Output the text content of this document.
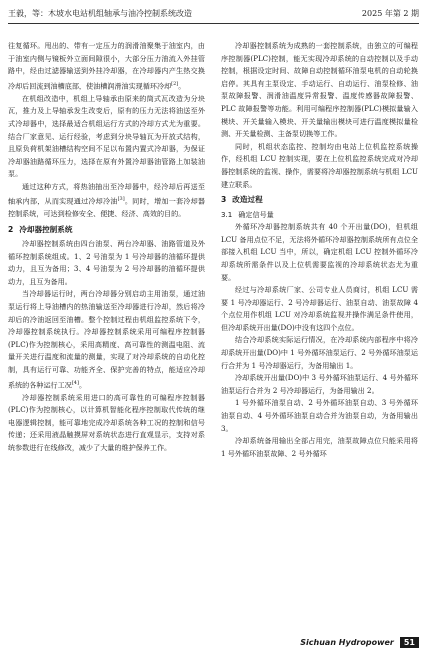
王毅，等：木坡水电站机组轴承与油冷控制系统改造	2025 年第 2 期

往复循环。甩出的、带有一定压力的润滑油聚集于油室内，由于油室内侧与镜板外立面间隙很小，大部分压力油流入外挂管路中，经由过滤器输送到外挂冷却器，在冷却器内产生热交换冷却后回流到油槽底部，使油槽润滑油实现循环冷却[2]。

在机组改造中，机组上导轴承由原来的筒式瓦改造为分块瓦，推力及上导轴承发生改变后，原有的压力无法将油送至外式冷却器中，选择最适合机组运行方式的冷却方式尤为重要。结合厂家意见、运行经验，考虑到分块导轴瓦为开放式结构，且原负荷机架油槽结构空间不足以布置内置式冷却器，为保证冷却器油路循环压力，选择在原有外置冷却器油管路上加装油泵。

通过这种方式，将热油抽出至冷却器中，经冷却后再送至轴承内部，从而实现通过冷却冷油[3]。同时，增加一套冷却器控制系统，可达到检修安全、便捷、经济、高效的目的。

2 冷却器控制系统

冷却器控制系统由四台油泵、两台冷却器、油路管道及外循环控制系统组成。1、2 号油泵为 1 号冷却器的油循环提供动力，且互为备用；3、4 号油泵为 2 号冷却器的油循环提供动力，且互为备用。

当冷却器运行时，两台冷却器分别启动主用油泵，通过油泵运行将上导油槽内的热油输送至冷却器进行冷却，然后将冷却后的冷油返回至油槽。整个控制过程由机组监控系统下令，冷却器控制系统执行。冷却器控制系统采用可编程序控制器(PLC)作为控制核心，采用高精度、高可靠性的测温电阻、流量开关进行温度和流量的测量，实现了对冷却系统的自动化控制，具有运行可靠、功能齐全、保护完善的特点，能适应冷却系统的各种运行工况[4]。

冷却器控制系统采用进口的高可靠性的可编程序控制器(PLC)作为控制核心，以计算机智能化程序控制取代传统的继电器逻辑控制，能可靠地完成冷却系统各种工况的控制和信号传递；还采用液晶触摸屏对系统状态进行直观显示，支持对系统参数进行在线修改，减少了大量的维护保养工作。

冷却器控制系统为成熟的一套控制系统，由独立的可编程序控制器(PLC)控制，能无实现冷却系统的自动控制以及手动控制，根据设定时间、故障自动控制循环油泵电机的自动轮换启停。其具有主泵设定、手动运行、自动运行、油泵检修、油泵故障报警、润滑油温度异常报警、温度传感器故障报警、PLC 故障报警等功能。利用可编程序控制器(PLC)模拟量输入模块、开关量输入模块、开关量输出模块可进行温度模拟量检测、开关量检测、主备泵切换等工作。

同时，机组状态监控、控制均由电站上位机监控系统操作，经机组 LCU 控制实现，要在上位机监控系统完成对冷却器控制系统的监视、操作，需要将冷却器控制系统与机组 LCU 建立联系。

3 改造过程
3.1 确定信号量

外循环冷却器控制系统共有 40 个开出量(DO)，但机组 LCU 备用点位不足，无法将外循环冷却器控制系统所有点位全部接入机组 LCU 当中，所以，确定机组 LCU 控制外循环冷却系统所需条件以及上位机需要监视的冷却系统状态尤为重要。

经过与冷却系统厂家、公司专业人员商讨，机组 LCU 需要 1 号冷却器运行、2 号冷却器运行、油泵自动、油泵故障 4 个点位用作机组 LCU 对冷却系统监视并操作满足条件使用，但冷却系统开出量(DO)中没有这四个点位。

结合冷却系统实际运行情况，在冷却系统内部程序中将冷却系统开出量(DO)中 1 号外循环油泵运行、2 号外循环油泵运行合并为 1 号冷却器运行，为备用输出 1。

冷却系统开出量(DO)中 3 号外循环油泵运行、4 号外循环油泵运行合并为 2 号冷却器运行，为备用输出 2。

1 号外循环油泵自动、2 号外循环油泵自动、3 号外循环油泵自动、4 号外循环油泵自动合并为油泵自动，为备用输出 3。

冷却系统备用输出全部占用完，油泵故障点位只能采用将 1 号外循环油泵故障、2 号外循环

Sichuan Hydropower 51
